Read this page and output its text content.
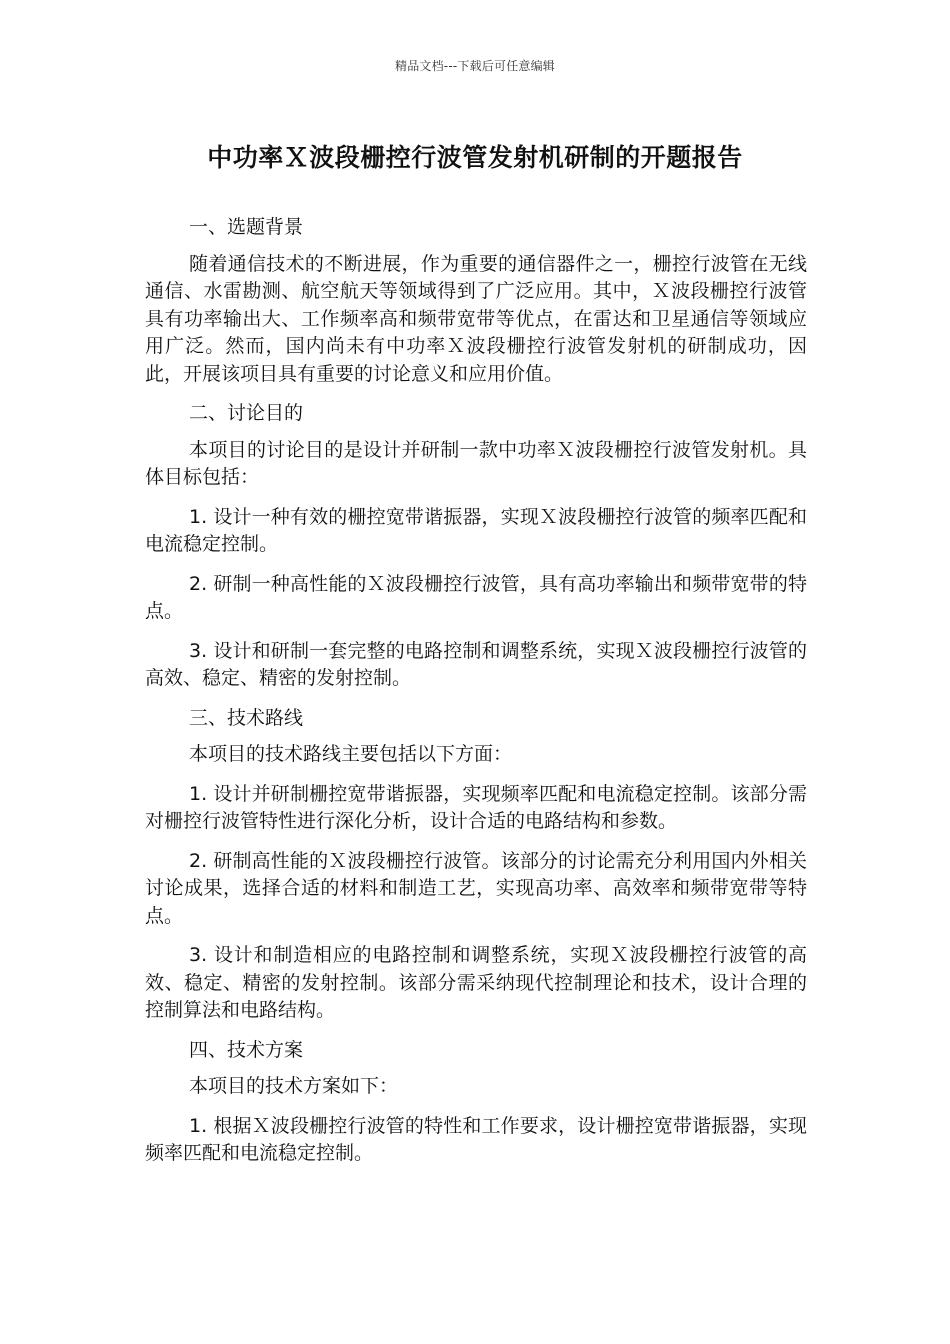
精品文档---下载后可任意编辑
中功率Ｘ波段栅控行波管发射机研制的开题报告

一、选题背景

随着通信技术的不断进展，作为重要的通信器件之一，栅控行波管在无线通信、水雷勘测、航空航天等领域得到了广泛应用。其中，Ｘ波段栅控行波管具有功率输出大、工作频率高和频带宽带等优点，在雷达和卫星通信等领域应用广泛。然而，国内尚未有中功率Ｘ波段栅控行波管发射机的研制成功，因此，开展该项目具有重要的讨论意义和应用价值。

二、讨论目的

本项目的讨论目的是设计并研制一款中功率Ｘ波段栅控行波管发射机。具体目标包括：

1. 设计一种有效的栅控宽带谐振器，实现Ｘ波段栅控行波管的频率匹配和电流稳定控制。

2. 研制一种高性能的Ｘ波段栅控行波管，具有高功率输出和频带宽带的特点。

3. 设计和研制一套完整的电路控制和调整系统，实现Ｘ波段栅控行波管的高效、稳定、精密的发射控制。

三、技术路线

本项目的技术路线主要包括以下方面：

1. 设计并研制栅控宽带谐振器，实现频率匹配和电流稳定控制。该部分需对栅控行波管特性进行深化分析，设计合适的电路结构和参数。

2. 研制高性能的Ｘ波段栅控行波管。该部分的讨论需充分利用国内外相关讨论成果，选择合适的材料和制造工艺，实现高功率、高效率和频带宽带等特点。

3. 设计和制造相应的电路控制和调整系统，实现Ｘ波段栅控行波管的高效、稳定、精密的发射控制。该部分需采纳现代控制理论和技术，设计合理的控制算法和电路结构。

四、技术方案

本项目的技术方案如下：

1. 根据Ｘ波段栅控行波管的特性和工作要求，设计栅控宽带谐振器，实现频率匹配和电流稳定控制。
